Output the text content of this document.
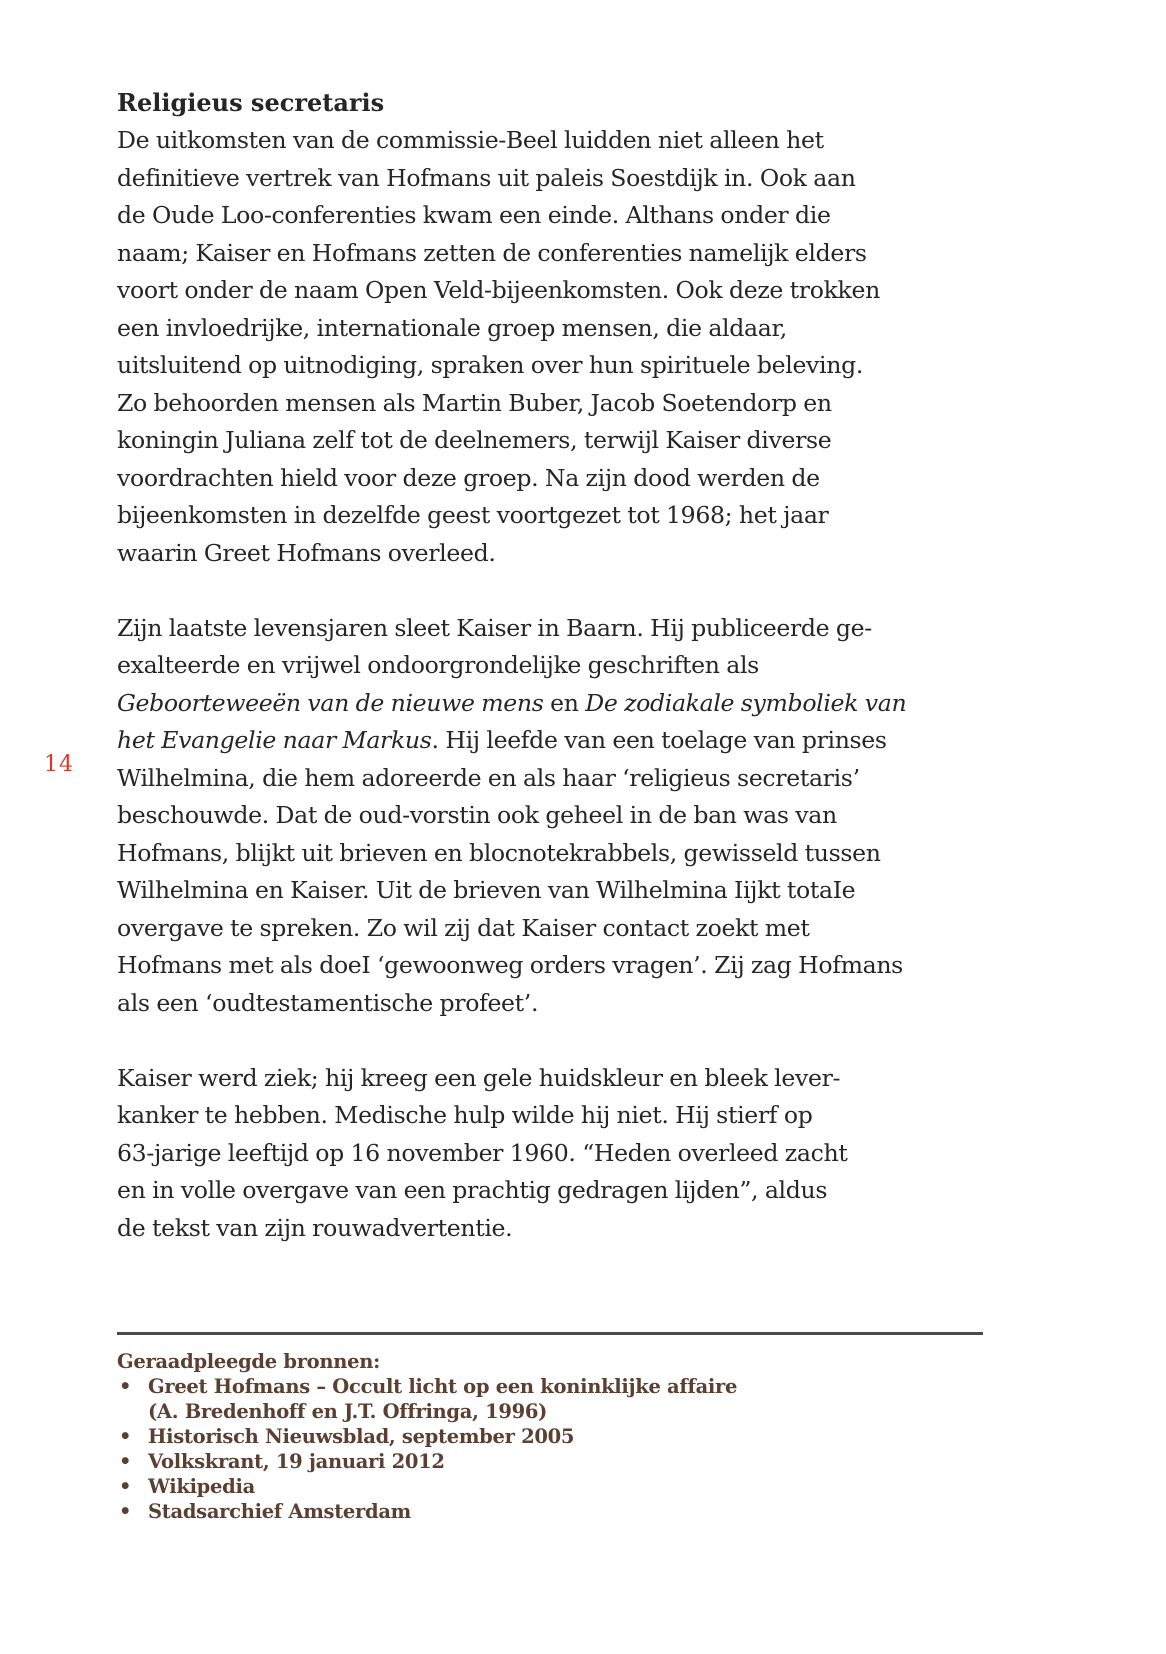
14
Religieus secretaris

De uitkomsten van de commissie-Beel luidden niet alleen het
definitieve vertrek van Hofmans uit paleis Soestdijk in. Ook aan
de Oude Loo-conferenties kwam een einde. Althans onder die
naam; Kaiser en Hofmans zetten de conferenties namelijk elders
voort onder de naam Open Veld-bijeenkomsten. Ook deze trokken
een invloedrijke, internationale groep mensen, die aldaar,
uitsluitend op uitnodiging, spraken over hun spirituele beleving.
Zo behoorden mensen als Martin Buber, Jacob Soetendorp en
koningin Juliana zelf tot de deelnemers, terwijl Kaiser diverse
voordrachten hield voor deze groep. Na zijn dood werden de
bijeenkomsten in dezelfde geest voortgezet tot 1968; het jaar
waarin Greet Hofmans overleed.

Zijn laatste levensjaren sleet Kaiser in Baarn. Hij publiceerde ge-
exalteerde en vrijwel ondoorgrondelijke geschriften als
Geboorteweeën van de nieuwe mens en De zodiakale symboliek van
het Evangelie naar Markus. Hij leefde van een toelage van prinses
Wilhelmina, die hem adoreerde en als haar ‘religieus secretaris’
beschouwde. Dat de oud-vorstin ook geheel in de ban was van
Hofmans, blijkt uit brieven en blocnotekrabbels, gewisseld tussen
Wilhelmina en Kaiser. Uit de brieven van Wilhelmina Iijkt totaIe
overgave te spreken. Zo wil zij dat Kaiser contact zoekt met
Hofmans met als doeI ‘gewoonweg orders vragen’. Zij zag Hofmans
als een ‘oudtestamentische profeet’.

Kaiser werd ziek; hij kreeg een gele huidskleur en bleek lever-
kanker te hebben. Medische hulp wilde hij niet. Hij stierf op
63-jarige leeftijd op 16 november 1960. “Heden overleed zacht
en in volle overgave van een prachtig gedragen lijden”, aldus
de tekst van zijn rouwadvertentie.

Geraadpleegde bronnen:
• Greet Hofmans – Occult licht op een koninklijke affaire
(A. Bredenhoff en J.T. Offringa, 1996)
• Historisch Nieuwsblad, september 2005
• Volkskrant, 19 januari 2012
• Wikipedia
• Stadsarchief Amsterdam
